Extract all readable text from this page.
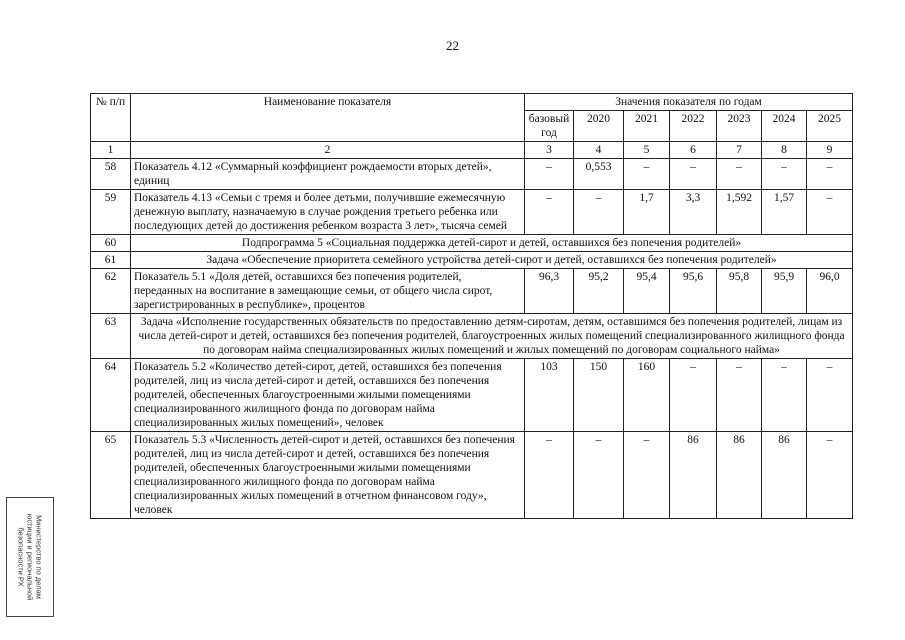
22
№ п/п	Наименование показателя	Значения показателя по годам						
		базовый год	2020	2021	2022	2023	2024	2025
1	2	3	4	5	6	7	8	9
58	Показатель 4.12 «Суммарный коэффициент рождаемости вторых детей», единиц	–	0,553	–	–	–	–	–
59	Показатель 4.13 «Семьи с тремя и более детьми, получившие ежемесячную денежную выплату, назначаемую в случае рождения третьего ребенка или последующих детей до достижения ребенком возраста 3 лет», тысяча семей	–	–	1,7	3,3	1,592	1,57	–
60	Подпрограмма 5 «Социальная поддержка детей-сирот и детей, оставшихся без попечения родителей»							
61	Задача «Обеспечение приоритета семейного устройства детей-сирот и детей, оставшихся без попечения родителей»							
62	Показатель 5.1 «Доля детей, оставшихся без попечения родителей, переданных на воспитание в замещающие семьи, от общего числа сирот, зарегистрированных в республике», процентов	96,3	95,2	95,4	95,6	95,8	95,9	96,0
63	Задача «Исполнение государственных обязательств по предоставлению детям-сиротам, детям, оставшимся без попечения родителей, лицам из числа детей-сирот и детей, оставшихся без попечения родителей, благоустроенных жилых помещений специализированного жилищного фонда по договорам найма специализированных жилых помещений и жилых помещений по договорам социального найма»							
64	Показатель 5.2 «Количество детей-сирот, детей, оставшихся без попечения родителей, лиц из числа детей-сирот и детей, оставшихся без попечения родителей, обеспеченных благоустроенными жилыми помещениями специализированного жилищного фонда по договорам найма специализированных жилых помещений», человек	103	150	160	–	–	–	–
65	Показатель 5.3 «Численность детей-сирот и детей, оставшихся без попечения родителей, лиц из числа детей-сирот и детей, оставшихся без попечения родителей, обеспеченных благоустроенными жилыми помещениями специализированного жилищного фонда по договорам найма специализированных жилых помещений в отчетном финансовом году», человек	–	–	–	86	86	86	–
Министерство по делам
юстиции и региональной
безопасности РХ
